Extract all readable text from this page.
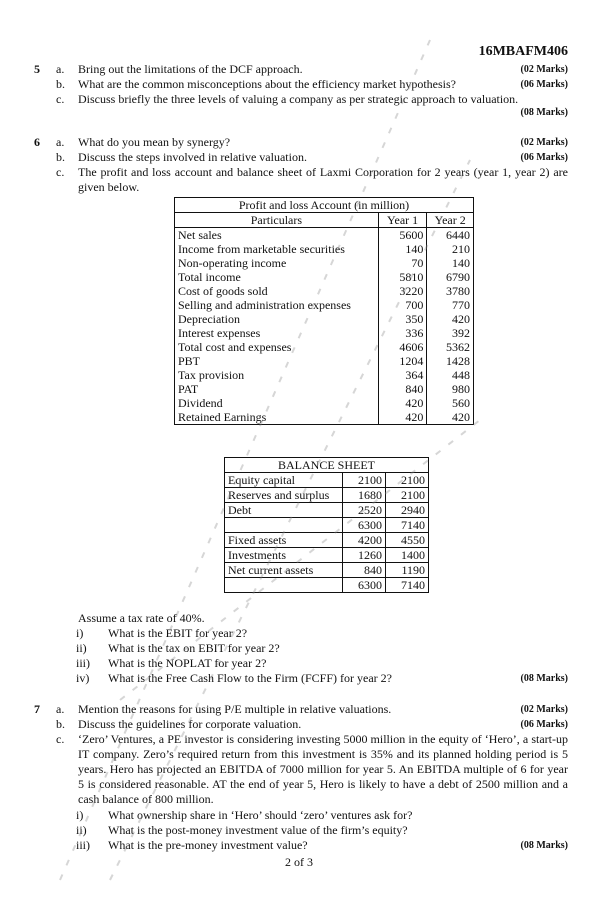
16MBAFM406
5	a.	Bring out the limitations of the DCF approach.	(02 Marks)
b.	What are the common misconceptions about the efficiency market hypothesis?	(06 Marks)
c.	Discuss briefly the three levels of valuing a company as per strategic approach to valuation.
(08 Marks)
6	a.	What do you mean by synergy?	(02 Marks)
b.	Discuss the steps involved in relative valuation.	(06 Marks)
c.	The profit and loss account and balance sheet of Laxmi Corporation for 2 years (year 1, year 2) are given below.
Profit and loss Account (in million)		
Particulars	Year 1	Year 2
Net sales	5600	6440
Income from marketable securities	140	210
Non-operating income	70	140
Total income	5810	6790
Cost of goods sold	3220	3780
Selling and administration expenses	700	770
Depreciation	350	420
Interest expenses	336	392
Total cost and expenses	4606	5362
PBT	1204	1428
Tax provision	364	448
PAT	840	980
Dividend	420	560
Retained Earnings	420	420
BALANCE SHEET		
Equity capital	2100	2100
Reserves and surplus	1680	2100
Debt	2520	2940
	6300	7140
Fixed assets	4200	4550
Investments	1260	1400
Net current assets	840	1190
	6300	7140
Assume a tax rate of 40%.
i)	What is the EBIT for year 2?
ii)	What is the tax on EBIT for year 2?
iii)	What is the NOPLAT for year 2?
iv)	What is the Free Cash Flow to the Firm (FCFF) for year 2?	(08 Marks)
7	a.	Mention the reasons for using P/E multiple in relative valuations.	(02 Marks)
b.	Discuss the guidelines for corporate valuation.	(06 Marks)
c.	‘Zero’ Ventures, a PE investor is considering investing 5000 million in the equity of ‘Hero’, a start-up IT company. Zero’s required return from this investment is 35% and its planned holding period is 5 years. Hero has projected an EBITDA of 7000 million for year 5. An EBITDA multiple of 6 for year 5 is considered reasonable. AT the end of year 5, Hero is likely to have a debt of 2500 million and a cash balance of 800 million.
i)	What ownership share in ‘Hero’ should ‘zero’ ventures ask for?
ii)	What is the post-money investment value of the firm’s equity?
iii)	What is the pre-money investment value?	(08 Marks)
2 of 3
